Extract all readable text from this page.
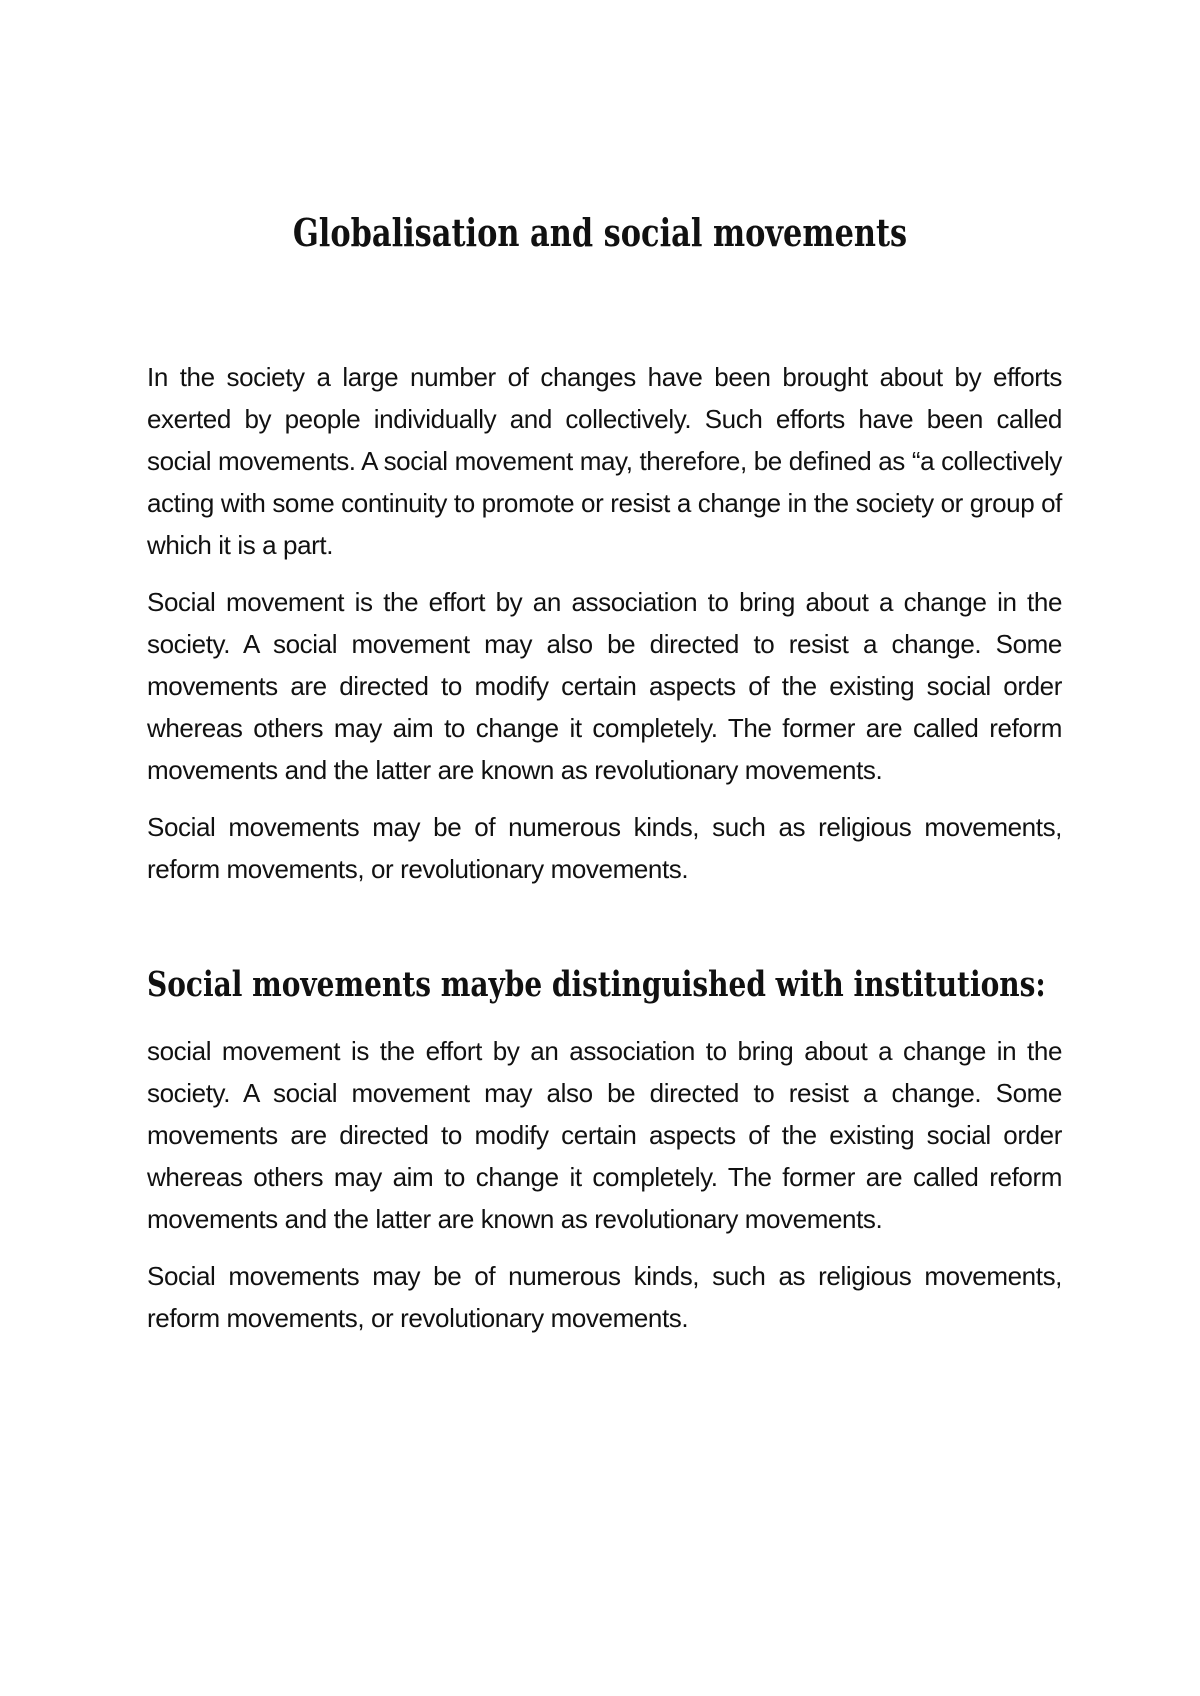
Globalisation and social movements

In the society a large number of changes have been brought about by efforts exerted by people individually and collectively. Such efforts have been called social movements. A social movement may, therefore, be defined as “a collectively acting with some continuity to promote or resist a change in the society or group of which it is a part.

Social movement is the effort by an association to bring about a change in the society. A social movement may also be directed to resist a change. Some movements are directed to modify certain aspects of the existing social order whereas others may aim to change it completely. The former are called reform movements and the latter are known as revolutionary movements.

Social movements may be of numerous kinds, such as religious movements, reform movements, or revolutionary movements.

Social movements maybe distinguished with institutions:

social movement is the effort by an association to bring about a change in the society. A social movement may also be directed to resist a change. Some movements are directed to modify certain aspects of the existing social order whereas others may aim to change it completely. The former are called reform movements and the latter are known as revolutionary movements.

Social movements may be of numerous kinds, such as religious movements, reform movements, or revolutionary movements.
